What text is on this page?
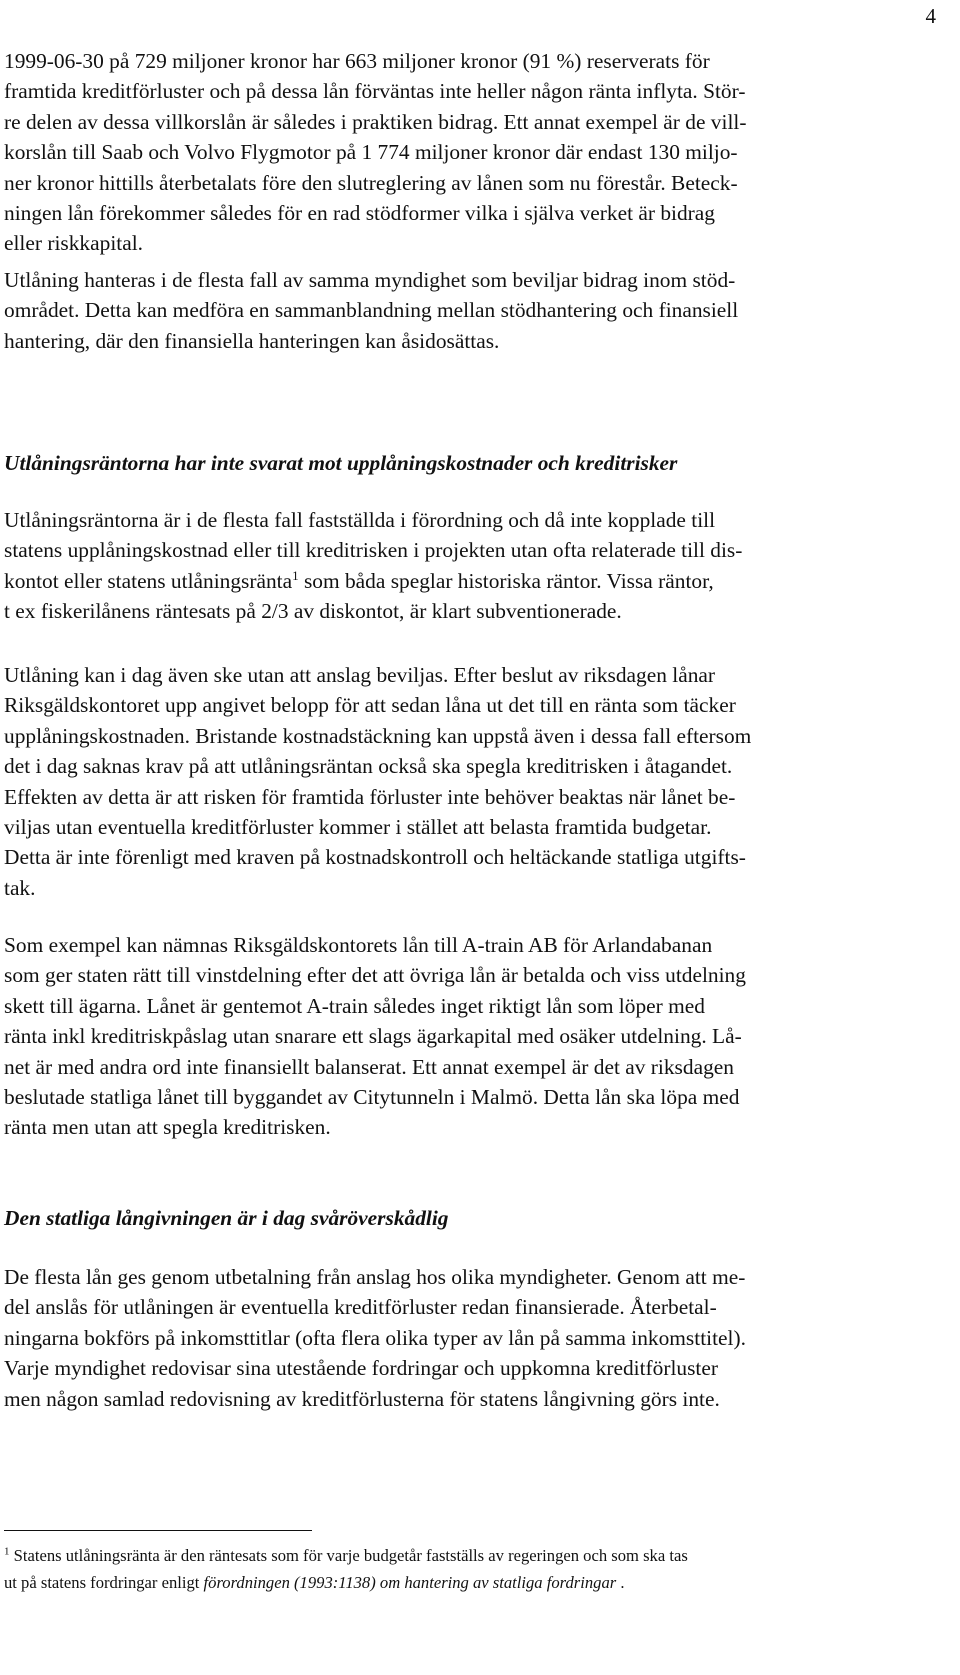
4

1999-06-30 på 729 miljoner kronor har 663 miljoner kronor (91 %) reserverats för
framtida kreditförluster och på dessa lån förväntas inte heller någon ränta inflyta. Stör-
re delen av dessa villkorslån är således i praktiken bidrag. Ett annat exempel är de vill-
korslån till Saab och Volvo Flygmotor på 1 774 miljoner kronor där endast 130 miljo-
ner kronor hittills återbetalats före den slutreglering av lånen som nu förestår. Beteck-
ningen lån förekommer således för en rad stödformer vilka i själva verket är bidrag
eller riskkapital.

Utlåning hanteras i de flesta fall av samma myndighet som beviljar bidrag inom stöd-
området. Detta kan medföra en sammanblandning mellan stödhantering och finansiell
hantering, där den finansiella hanteringen kan åsidosättas.

Utlåningsräntorna har inte svarat mot upplåningskostnader och kreditrisker

Utlåningsräntorna är i de flesta fall fastställda i förordning och då inte kopplade till
statens upplåningskostnad eller till kreditrisken i projekten utan ofta relaterade till dis-
kontot eller statens utlåningsränta$^1$ som båda speglar historiska räntor. Vissa räntor,
t ex fiskerilånens räntesats på 2/3 av diskontot, är klart subventionerade.

Utlåning kan i dag även ske utan att anslag beviljas. Efter beslut av riksdagen lånar
Riksgäldskontoret upp angivet belopp för att sedan låna ut det till en ränta som täcker
upplåningskostnaden. Bristande kostnadstäckning kan uppstå även i dessa fall eftersom
det i dag saknas krav på att utlåningsräntan också ska spegla kreditrisken i åtagandet.
Effekten av detta är att risken för framtida förluster inte behöver beaktas när lånet be-
viljas utan eventuella kreditförluster kommer i stället att belasta framtida budgetar.
Detta är inte förenligt med kraven på kostnadskontroll och heltäckande statliga utgifts-
tak.

Som exempel kan nämnas Riksgäldskontorets lån till A-train AB för Arlandabanan
som ger staten rätt till vinstdelning efter det att övriga lån är betalda och viss utdelning
skett till ägarna. Lånet är gentemot A-train således inget riktigt lån som löper med
ränta inkl kreditriskpåslag utan snarare ett slags ägarkapital med osäker utdelning. Lå-
net är med andra ord inte finansiellt balanserat. Ett annat exempel är det av riksdagen
beslutade statliga lånet till byggandet av Citytunneln i Malmö. Detta lån ska löpa med
ränta men utan att spegla kreditrisken.

Den statliga långivningen är i dag svåröverskådlig

De flesta lån ges genom utbetalning från anslag hos olika myndigheter. Genom att me-
del anslås för utlåningen är eventuella kreditförluster redan finansierade. Återbetal-
ningarna bokförs på inkomsttitlar (ofta flera olika typer av lån på samma inkomsttitel).
Varje myndighet redovisar sina utestående fordringar och uppkomna kreditförluster
men någon samlad redovisning av kreditförlusterna för statens långivning görs inte.

$^1$ Statens utlåningsränta är den räntesats som för varje budgetår fastställs av regeringen och som ska tas
ut på statens fordringar enligt förordningen (1993:1138) om hantering av statliga fordringar .
